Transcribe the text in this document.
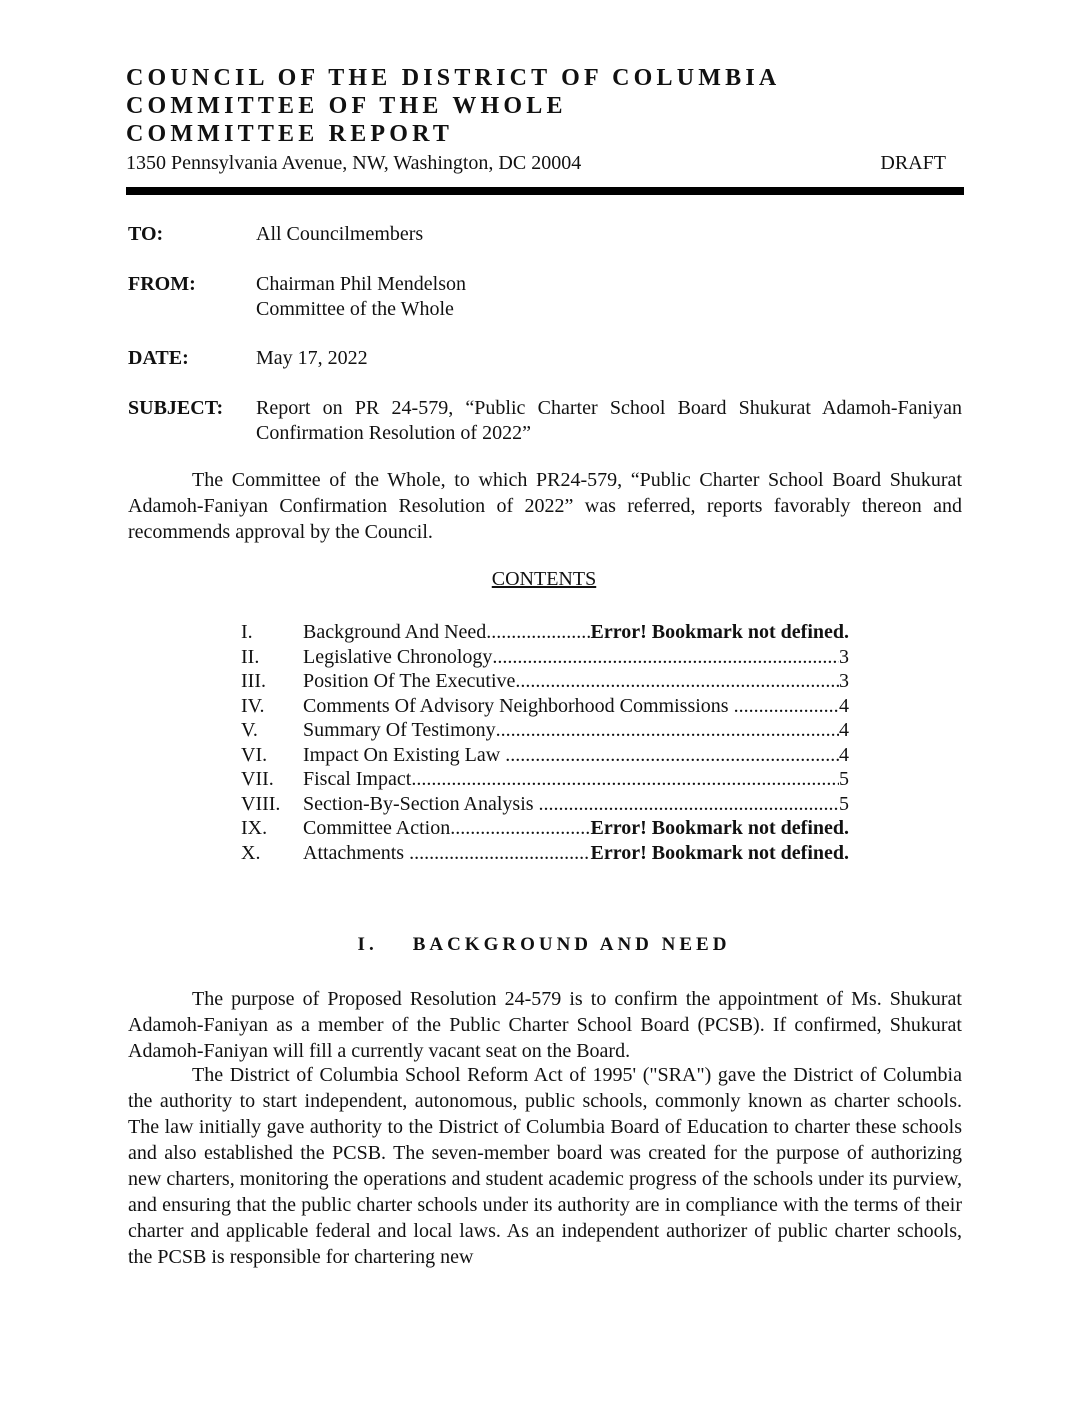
COUNCIL OF THE DISTRICT OF COLUMBIA
COMMITTEE OF THE WHOLE
COMMITTEE REPORT
1350 Pennsylvania Avenue, NW, Washington, DC 20004	DRAFT
TO:	All Councilmembers
FROM:	Chairman Phil Mendelson
Committee of the Whole
DATE:	May 17, 2022
SUBJECT: Report on PR 24-579, “Public Charter School Board Shukurat Adamoh-Faniyan Confirmation Resolution of 2022”
The Committee of the Whole, to which PR24-579, “Public Charter School Board Shukurat Adamoh-Faniyan Confirmation Resolution of 2022” was referred, reports favorably thereon and recommends approval by the Council.
CONTENTS
I.	Background And Need .....	Error! Bookmark not defined.
II. Legislative Chronology .....	3
III. Position Of The Executive .....	3
IV. Comments Of Advisory Neighborhood Commissions .....	4
V. Summary Of Testimony .....	4
VI. Impact On Existing Law .....	4
VII. Fiscal Impact .....	5
VIII. Section-By-Section Analysis .....	5
IX. Committee Action .....	Error! Bookmark not defined.
X. Attachments .....	Error! Bookmark not defined.
I.    BACKGROUND AND NEED
The purpose of Proposed Resolution 24-579 is to confirm the appointment of Ms. Shukurat Adamoh-Faniyan as a member of the Public Charter School Board (PCSB). If confirmed, Shukurat Adamoh-Faniyan will fill a currently vacant seat on the Board.
The District of Columbia School Reform Act of 1995' ("SRA") gave the District of Columbia the authority to start independent, autonomous, public schools, commonly known as charter schools. The law initially gave authority to the District of Columbia Board of Education to charter these schools and also established the PCSB. The seven-member board was created for the purpose of authorizing new charters, monitoring the operations and student academic progress of the schools under its purview, and ensuring that the public charter schools under its authority are in compliance with the terms of their charter and applicable federal and local laws. As an independent authorizer of public charter schools, the PCSB is responsible for chartering new
